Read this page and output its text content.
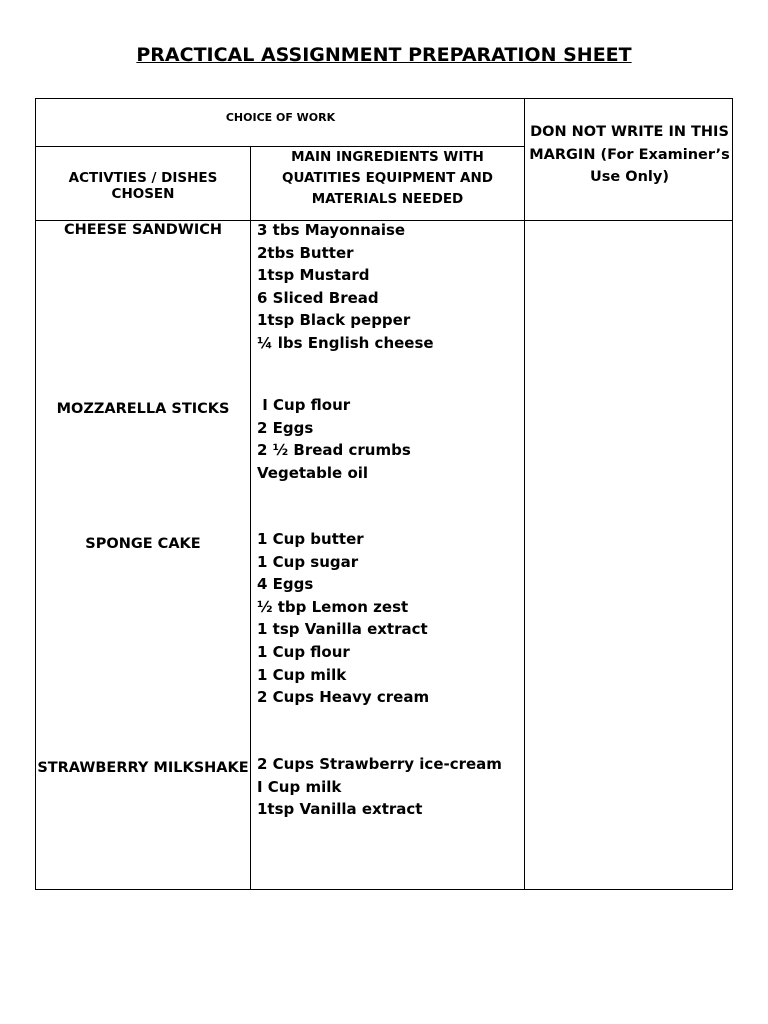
PRACTICAL ASSIGNMENT PREPARATION SHEET
CHOICE OF WORK
ACTIVTIES / DISHES CHOSEN
MAIN INGREDIENTS WITH QUATITIES EQUIPMENT AND MATERIALS NEEDED
DON NOT WRITE IN THIS MARGIN (For Examiner’s Use Only)
CHEESE SANDWICH
MOZZARELLA STICKS
SPONGE CAKE
STRAWBERRY MILKSHAKE
3 tbs Mayonnaise
2tbs Butter
1tsp Mustard
6 Sliced Bread
1tsp Black pepper
¼ lbs English cheese
I Cup flour
2 Eggs
2 ½ Bread crumbs
Vegetable oil
1 Cup butter
1 Cup sugar
4 Eggs
½ tbp Lemon zest
1 tsp Vanilla extract
1 Cup flour
1 Cup milk
2 Cups Heavy cream
2 Cups Strawberry ice-cream
I Cup milk
1tsp Vanilla extract
